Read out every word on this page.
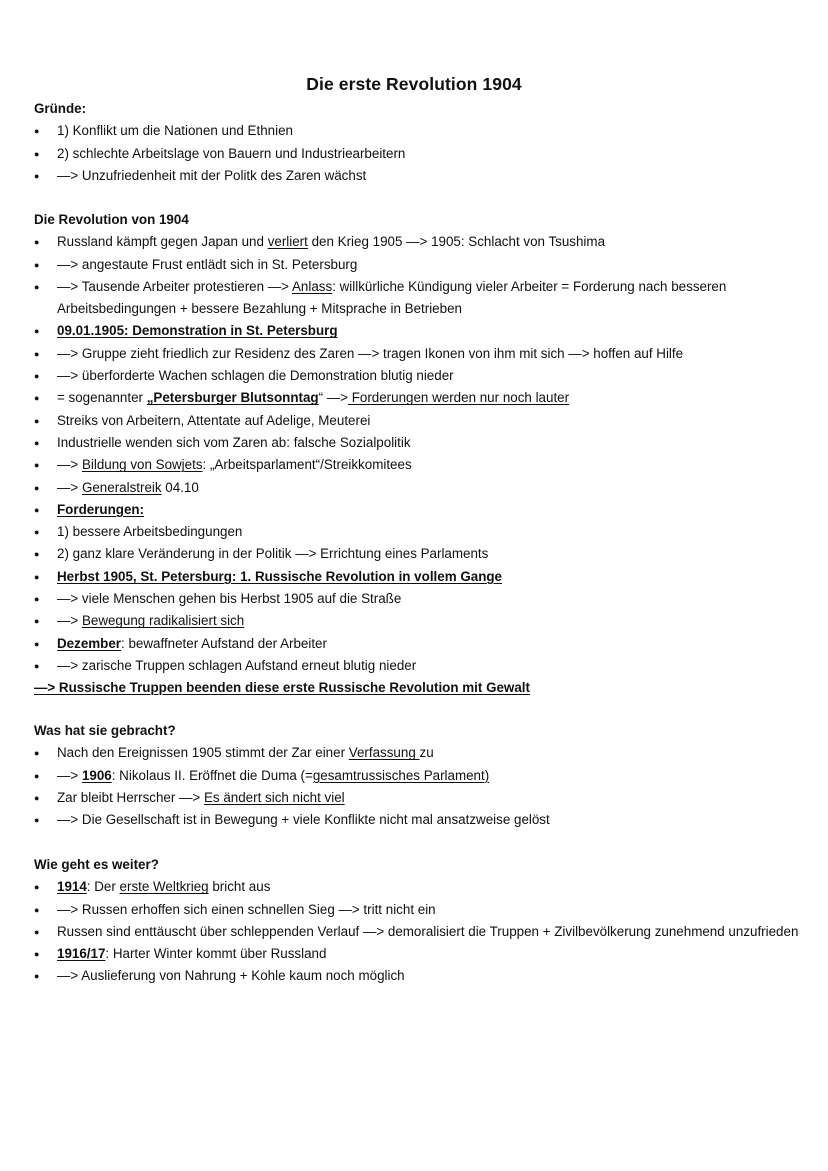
Die erste Revolution 1904
Gründe:
● 1) Konflikt um die Nationen und Ethnien
● 2) schlechte Arbeitslage von Bauern und Industriearbeitern
● —> Unzufriedenheit mit der Politk des Zaren wächst
Die Revolution von 1904
● Russland kämpft gegen Japan und verliert den Krieg 1905 —> 1905: Schlacht von Tsushima
● —> angestaute Frust entlädt sich in St. Petersburg
● —> Tausende Arbeiter protestieren —> Anlass: willkürliche Kündigung vieler Arbeiter = Forderung nach besseren Arbeitsbedingungen + bessere Bezahlung + Mitsprache in Betrieben
● 09.01.1905: Demonstration in St. Petersburg
● —> Gruppe zieht friedlich zur Residenz des Zaren —> tragen Ikonen von ihm mit sich —> hoffen auf Hilfe
● —> überforderte Wachen schlagen die Demonstration blutig nieder
● = sogenannter „Petersburger Blutsonntag“ —> Forderungen werden nur noch lauter
● Streiks von Arbeitern, Attentate auf Adelige, Meuterei
● Industrielle wenden sich vom Zaren ab: falsche Sozialpolitik
● —> Bildung von Sowjets: „Arbeitsparlament“/Streikkomitees
● —> Generalstreik 04.10
● Forderungen:
● 1) bessere Arbeitsbedingungen
● 2) ganz klare Veränderung in der Politik —> Errichtung eines Parlaments
● Herbst 1905, St. Petersburg: 1. Russische Revolution in vollem Gange
● —> viele Menschen gehen bis Herbst 1905 auf die Straße
● —> Bewegung radikalisiert sich
● Dezember: bewaffneter Aufstand der Arbeiter
● —> zarische Truppen schlagen Aufstand erneut blutig nieder
—> Russische Truppen beenden diese erste Russische Revolution mit Gewalt
Was hat sie gebracht?
● Nach den Ereignissen 1905 stimmt der Zar einer Verfassung zu
● —> 1906: Nikolaus II. Eröffnet die Duma (=gesamtrussisches Parlament)
● Zar bleibt Herrscher —> Es ändert sich nicht viel
● —> Die Gesellschaft ist in Bewegung + viele Konflikte nicht mal ansatzweise gelöst
Wie geht es weiter?
● 1914: Der erste Weltkrieg bricht aus
● —> Russen erhoffen sich einen schnellen Sieg —> tritt nicht ein
● Russen sind enttäuscht über schleppenden Verlauf —> demoralisiert die Truppen + Zivilbevölkerung zunehmend unzufrieden
● 1916/17: Harter Winter kommt über Russland
● —> Auslieferung von Nahrung + Kohle kaum noch möglich
